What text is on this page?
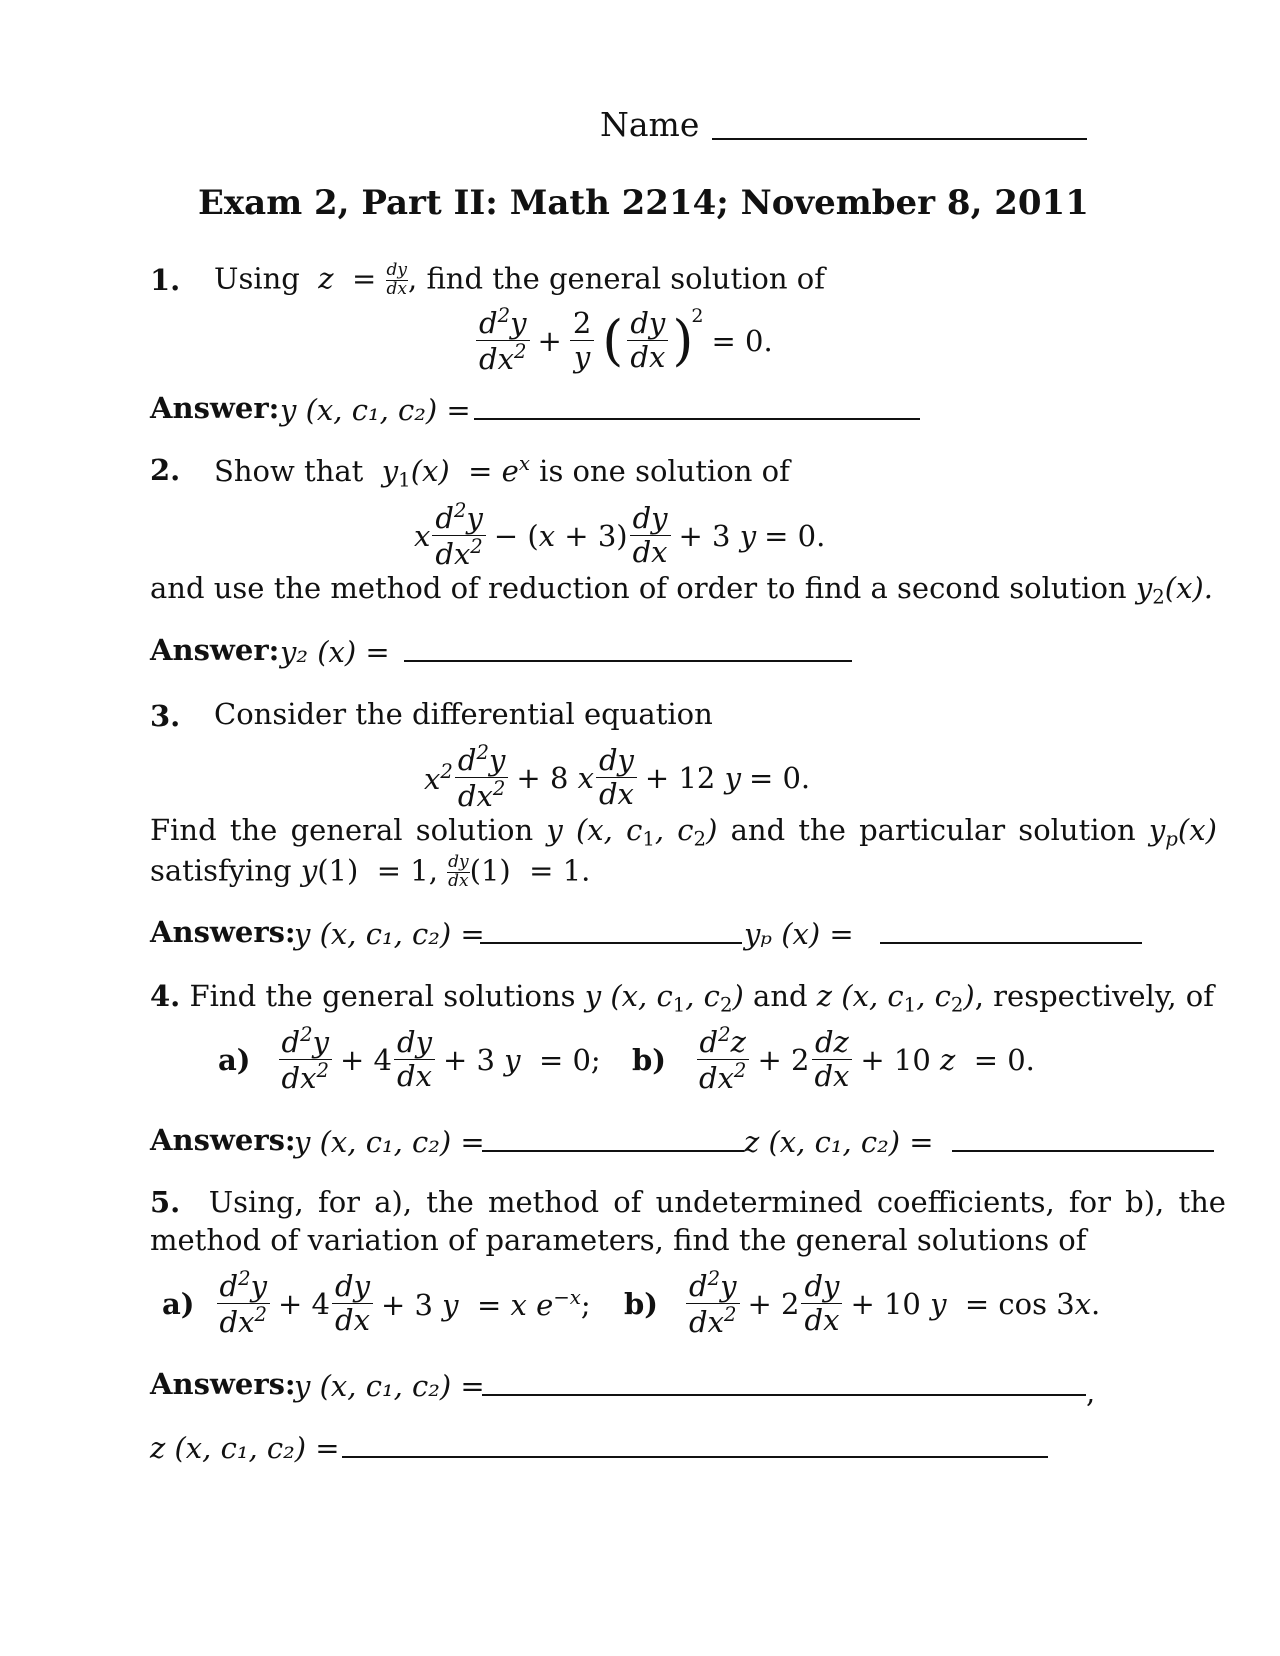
Name
Exam 2, Part II: Math 2214; November 8, 2011
1. Using  $z = \frac{dy}{dx}$ , find the general solution of
$\frac{d^2y}{dx^2} + \frac{2}{y}$ ( $\frac{dy}{dx}$ )
2
= 0.
Answer: y (x, c₁, c₂) =
2. Show that  $y_1(x) = e^x$ is one solution of
x $\frac{d^2y}{dx^2} - (x + 3) \frac{dy}{dx} + 3$ y = 0.
and use the method of reduction of order to find a second solution $y_2(x)$.
Answer: y₂ (x) =
3. Consider the differential equation
$x^2 \frac{d^2y}{dx^2} + 8$ x $\frac{dy}{dx} + 12$ y = 0.
Find the general solution y (x, $c_1$, $c_2$) and the particular solution yp(x)
satisfying y(1)  = 1, $\frac{dy}{dx} (1) = 1$.
Answers:
y (x, c₁, c₂) =	yₚ (x) =
4. Find the general solutions y (x, $c_1$, $c_2$) and z (x, $c_1$, $c_2$), respectively, of
$a) \frac{d^2y}{dx^2} + 4 \frac{dy}{dx} + 3$ y  = 0; $b) \frac{d^2z}{dx^2} + 2 \frac{dz}{dx} + 10$ z  = 0.
Answers:
y (x, c₁, c₂) =	z (x, c₁, c₂) =
5. Using, for a), the method of undetermined coefficients, for b), the
method of variation of parameters, find the general solutions of
$a) \frac{d^2y}{dx^2} + 4 \frac{dy}{dx} + 3$ y  = x $e^{-x}$; $b) \frac{d^2y}{dx^2} + 2 \frac{dy}{dx} + 10$ y  = cos 3x.
Answers:
y (x, c₁, c₂) =	,
z (x, c₁, c₂) =
